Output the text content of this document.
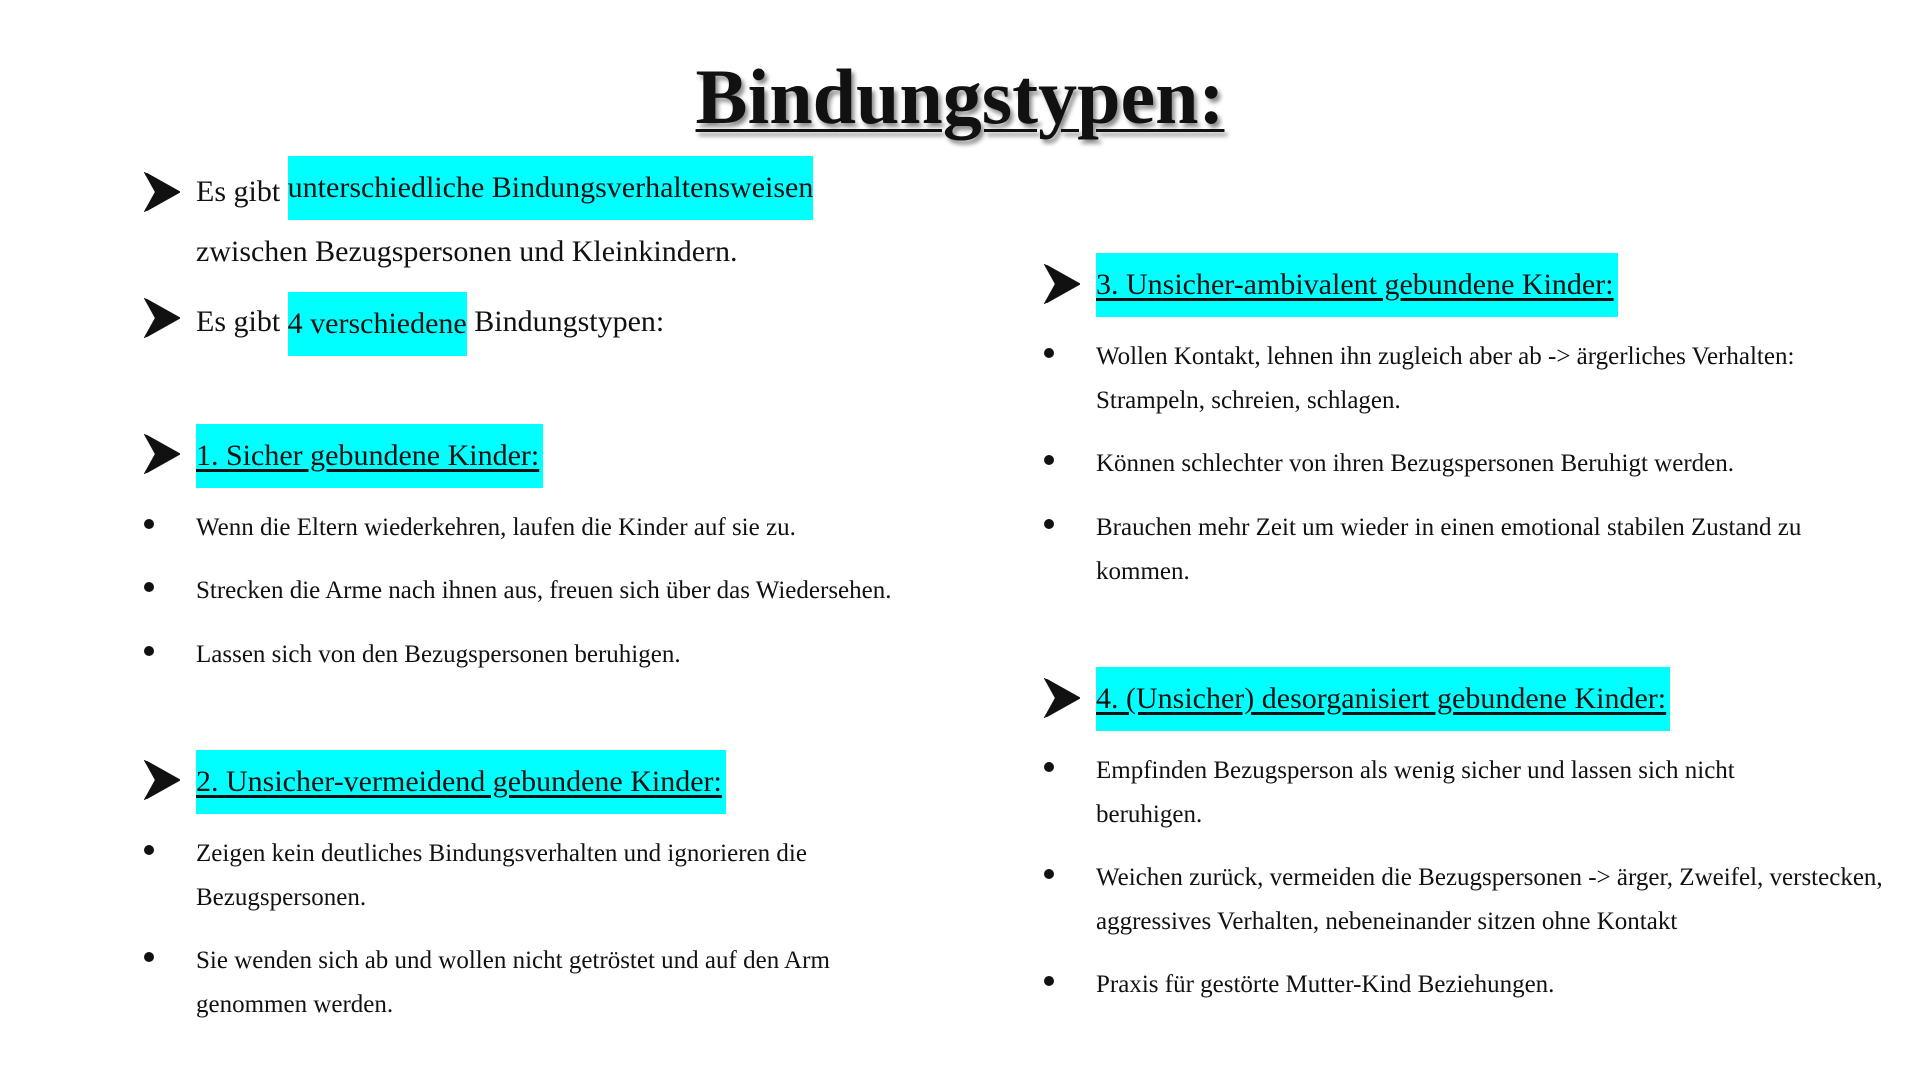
Bindungstypen:

Es gibt unterschiedliche Bindungsverhaltensweisen

zwischen Bezugspersonen und Kleinkindern.

Es gibt 4 verschiedene Bindungstypen:

1. Sicher gebundene Kinder:

Wenn die Eltern wiederkehren, laufen die Kinder auf sie zu.

Strecken die Arme nach ihnen aus, freuen sich über das Wiedersehen.

Lassen sich von den Bezugspersonen beruhigen.

2. Unsicher-vermeidend gebundene Kinder:

Zeigen kein deutliches Bindungsverhalten und ignorieren die Bezugspersonen.

Sie wenden sich ab und wollen nicht getröstet und auf den Arm genommen werden.

3. Unsicher-ambivalent gebundene Kinder:

Wollen Kontakt, lehnen ihn zugleich aber ab -> ärgerliches Verhalten: Strampeln, schreien, schlagen.

Können schlechter von ihren Bezugspersonen Beruhigt werden.

Brauchen mehr Zeit um wieder in einen emotional stabilen Zustand zu kommen.

4. (Unsicher) desorganisiert gebundene Kinder:

Empfinden Bezugsperson als wenig sicher und lassen sich nicht beruhigen.

Weichen zurück, vermeiden die Bezugspersonen -> ärger, Zweifel, verstecken, aggressives Verhalten, nebeneinander sitzen ohne Kontakt

Praxis für gestörte Mutter-Kind Beziehungen.
